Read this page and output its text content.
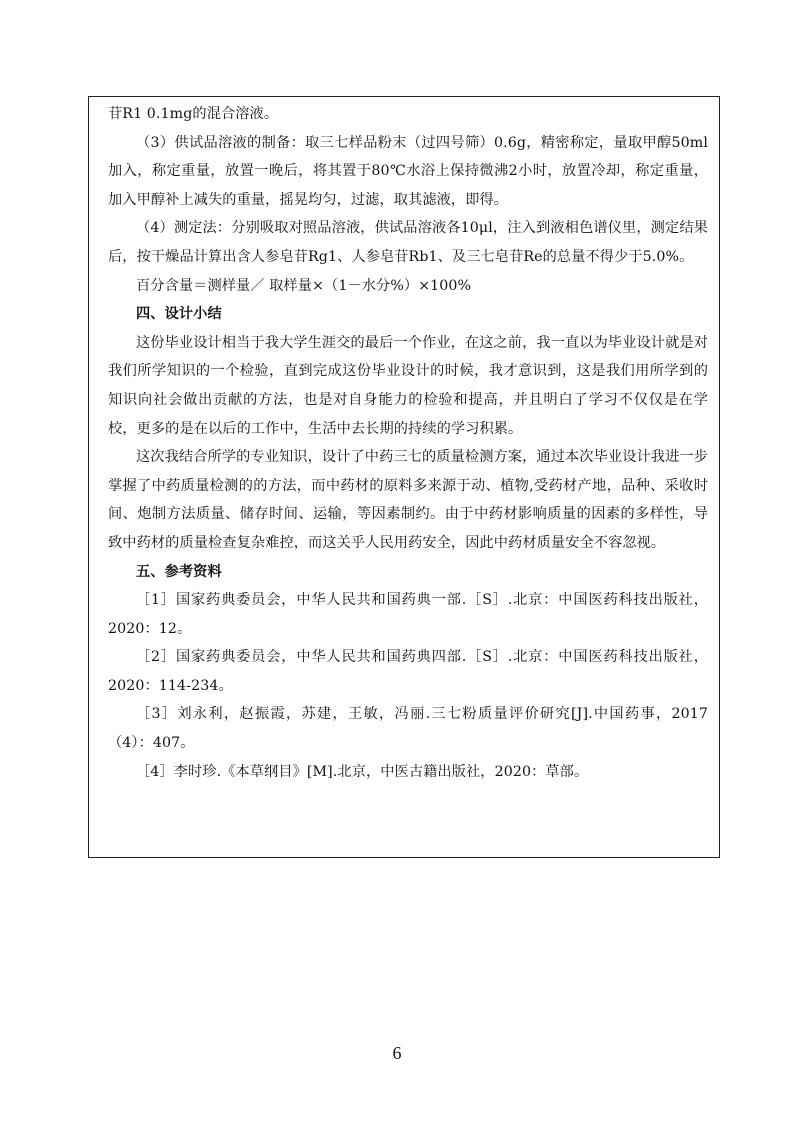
苷R1 0.1mg的混合溶液。

（3）供试品溶液的制备：取三七样品粉末（过四号筛）0.6g，精密称定，量取甲醇50ml加入，称定重量，放置一晚后，将其置于80℃水浴上保持微沸2小时，放置冷却，称定重量，加入甲醇补上减失的重量，摇晃均匀，过滤，取其滤液，即得。

（4）测定法：分别吸取对照品溶液，供试品溶液各10μl，注入到液相色谱仪里，测定结果后，按干燥品计算出含人参皂苷Rg1、人参皂苷Rb1、及三七皂苷Re的总量不得少于5.0%。

百分含量＝测样量／ 取样量×（1－水分%）×100%

四、设计小结

这份毕业设计相当于我大学生涯交的最后一个作业，在这之前，我一直以为毕业设计就是对我们所学知识的一个检验，直到完成这份毕业设计的时候，我才意识到，这是我们用所学到的知识向社会做出贡献的方法，也是对自身能力的检验和提高，并且明白了学习不仅仅是在学校，更多的是在以后的工作中，生活中去长期的持续的学习积累。

这次我结合所学的专业知识，设计了中药三七的质量检测方案，通过本次毕业设计我进一步掌握了中药质量检测的的方法，而中药材的原料多来源于动、植物,受药材产地，品种、采收时间、炮制方法质量、储存时间、运输，等因素制约。由于中药材影响质量的因素的多样性，导致中药材的质量检查复杂难控，而这关乎人民用药安全，因此中药材质量安全不容忽视。

五、参考资料

［1］国家药典委员会，中华人民共和国药典一部.［S］.北京：中国医药科技出版社，2020：12。

［2］国家药典委员会，中华人民共和国药典四部.［S］.北京：中国医药科技出版社，2020：114-234。

［3］刘永利，赵振霞，苏建，王敏，冯丽.三七粉质量评价研究[J].中国药事，2017（4）：407。

［4］李时珍.《本草纲目》[M].北京，中医古籍出版社，2020：草部。

6
